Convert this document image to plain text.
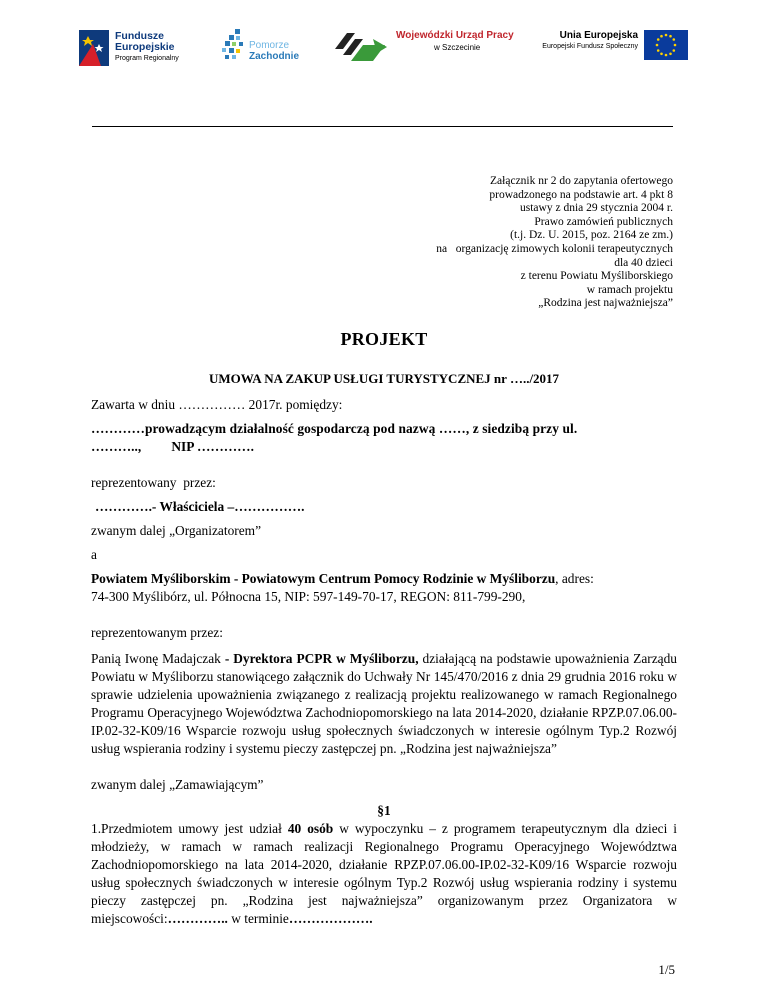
Fundusze
Europejskie
Program Regionalny
Pomorze
Zachodnie
Wojewódzki Urząd Pracy
w Szczecinie
Unia Europejska
Europejski Fundusz Społeczny
Załącznik nr 2 do zapytania ofertowego
prowadzonego na podstawie art. 4 pkt 8
ustawy z dnia 29 stycznia 2004 r.
Prawo zamówień publicznych
(t.j. Dz. U. 2015, poz. 2164 ze zm.)
na   organizację zimowych kolonii terapeutycznych
dla 40 dzieci
z terenu Powiatu Myśliborskiego
w ramach projektu
„Rodzina jest najważniejsza”
PROJEKT
UMOWA NA ZAKUP USŁUGI TURYSTYCZNEJ nr …../2017
Zawarta w dniu …………… 2017r. pomiędzy:
…………prowadzącym działalność gospodarczą pod nazwą ……, z siedzibą przy ul.
………..,         NIP ………….
reprezentowany  przez:
………….- Właściciela –…………….
zwanym dalej „Organizatorem”
a
Powiatem Myśliborskim - Powiatowym Centrum Pomocy Rodzinie w Myśliborzu, adres:
74-300 Myślibórz, ul. Północna 15, NIP: 597-149-70-17, REGON: 811-799-290,
reprezentowanym przez:
Panią Iwonę Madajczak - Dyrektora PCPR w Myśliborzu, działającą na podstawie upoważnienia Zarządu Powiatu w Myśliborzu stanowiącego załącznik do Uchwały Nr 145/470/2016 z dnia 29 grudnia 2016 roku w sprawie udzielenia upoważnienia związanego z realizacją projektu realizowanego w ramach Regionalnego Programu Operacyjnego Województwa Zachodniopomorskiego na lata 2014-2020, działanie RPZP.07.06.00-IP.02-32-K09/16 Wsparcie rozwoju usług społecznych świadczonych w interesie ogólnym Typ.2 Rozwój usług wspierania rodziny i systemu pieczy zastępczej pn. „Rodzina jest najważniejsza”
zwanym dalej „Zamawiającym”
§1
1.Przedmiotem umowy jest udział 40 osób w wypoczynku – z programem terapeutycznym dla dzieci i młodzieży, w ramach w ramach realizacji Regionalnego Programu Operacyjnego Województwa Zachodniopomorskiego na lata 2014-2020, działanie RPZP.07.06.00-IP.02-32-K09/16 Wsparcie rozwoju usług społecznych świadczonych w interesie ogólnym Typ.2 Rozwój usług wspierania rodziny i systemu pieczy zastępczej pn. „Rodzina jest najważniejsza” organizowanym przez Organizatora w miejscowości:………….. w terminie……………….
1/5
